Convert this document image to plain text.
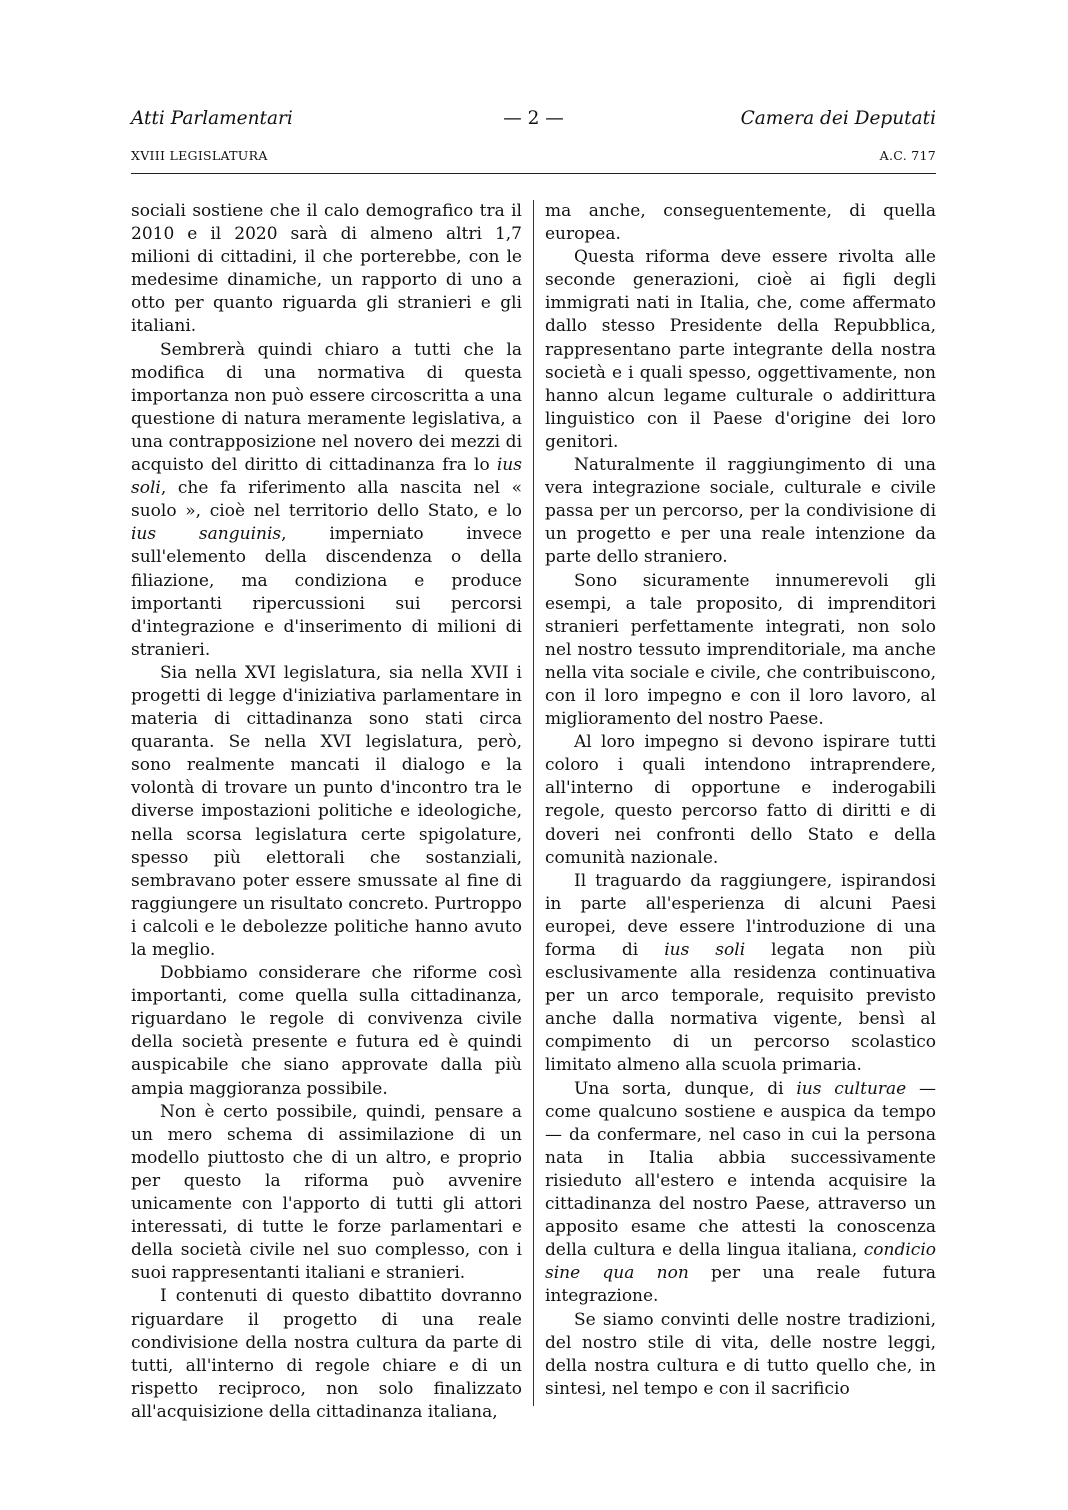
Atti Parlamentari	— 2 —	Camera dei Deputati
XVIII LEGISLATURA	A.C. 717

sociali sostiene che il calo demografico tra il 2010 e il 2020 sarà di almeno altri 1,7 milioni di cittadini, il che porterebbe, con le medesime dinamiche, un rapporto di uno a otto per quanto riguarda gli stranieri e gli italiani.

Sembrerà quindi chiaro a tutti che la modifica di una normativa di questa importanza non può essere circoscritta a una questione di natura meramente legislativa, a una contrapposizione nel novero dei mezzi di acquisto del diritto di cittadinanza fra lo ius soli, che fa riferimento alla nascita nel « suolo », cioè nel territorio dello Stato, e lo ius sanguinis, imperniato invece sull'elemento della discendenza o della filiazione, ma condiziona e produce importanti ripercussioni sui percorsi d'integrazione e d'inserimento di milioni di stranieri.

Sia nella XVI legislatura, sia nella XVII i progetti di legge d'iniziativa parlamentare in materia di cittadinanza sono stati circa quaranta. Se nella XVI legislatura, però, sono realmente mancati il dialogo e la volontà di trovare un punto d'incontro tra le diverse impostazioni politiche e ideologiche, nella scorsa legislatura certe spigolature, spesso più elettorali che sostanziali, sembravano poter essere smussate al fine di raggiungere un risultato concreto. Purtroppo i calcoli e le debolezze politiche hanno avuto la meglio.

Dobbiamo considerare che riforme così importanti, come quella sulla cittadinanza, riguardano le regole di convivenza civile della società presente e futura ed è quindi auspicabile che siano approvate dalla più ampia maggioranza possibile.

Non è certo possibile, quindi, pensare a un mero schema di assimilazione di un modello piuttosto che di un altro, e proprio per questo la riforma può avvenire unicamente con l'apporto di tutti gli attori interessati, di tutte le forze parlamentari e della società civile nel suo complesso, con i suoi rappresentanti italiani e stranieri.

I contenuti di questo dibattito dovranno riguardare il progetto di una reale condivisione della nostra cultura da parte di tutti, all'interno di regole chiare e di un rispetto reciproco, non solo finalizzato all'acquisizione della cittadinanza italiana,

ma anche, conseguentemente, di quella europea.

Questa riforma deve essere rivolta alle seconde generazioni, cioè ai figli degli immigrati nati in Italia, che, come affermato dallo stesso Presidente della Repubblica, rappresentano parte integrante della nostra società e i quali spesso, oggettivamente, non hanno alcun legame culturale o addirittura linguistico con il Paese d'origine dei loro genitori.

Naturalmente il raggiungimento di una vera integrazione sociale, culturale e civile passa per un percorso, per la condivisione di un progetto e per una reale intenzione da parte dello straniero.

Sono sicuramente innumerevoli gli esempi, a tale proposito, di imprenditori stranieri perfettamente integrati, non solo nel nostro tessuto imprenditoriale, ma anche nella vita sociale e civile, che contribuiscono, con il loro impegno e con il loro lavoro, al miglioramento del nostro Paese.

Al loro impegno si devono ispirare tutti coloro i quali intendono intraprendere, all'interno di opportune e inderogabili regole, questo percorso fatto di diritti e di doveri nei confronti dello Stato e della comunità nazionale.

Il traguardo da raggiungere, ispirandosi in parte all'esperienza di alcuni Paesi europei, deve essere l'introduzione di una forma di ius soli legata non più esclusivamente alla residenza continuativa per un arco temporale, requisito previsto anche dalla normativa vigente, bensì al compimento di un percorso scolastico limitato almeno alla scuola primaria.

Una sorta, dunque, di ius culturae — come qualcuno sostiene e auspica da tempo — da confermare, nel caso in cui la persona nata in Italia abbia successivamente risieduto all'estero e intenda acquisire la cittadinanza del nostro Paese, attraverso un apposito esame che attesti la conoscenza della cultura e della lingua italiana, condicio sine qua non per una reale futura integrazione.

Se siamo convinti delle nostre tradizioni, del nostro stile di vita, delle nostre leggi, della nostra cultura e di tutto quello che, in sintesi, nel tempo e con il sacrificio
